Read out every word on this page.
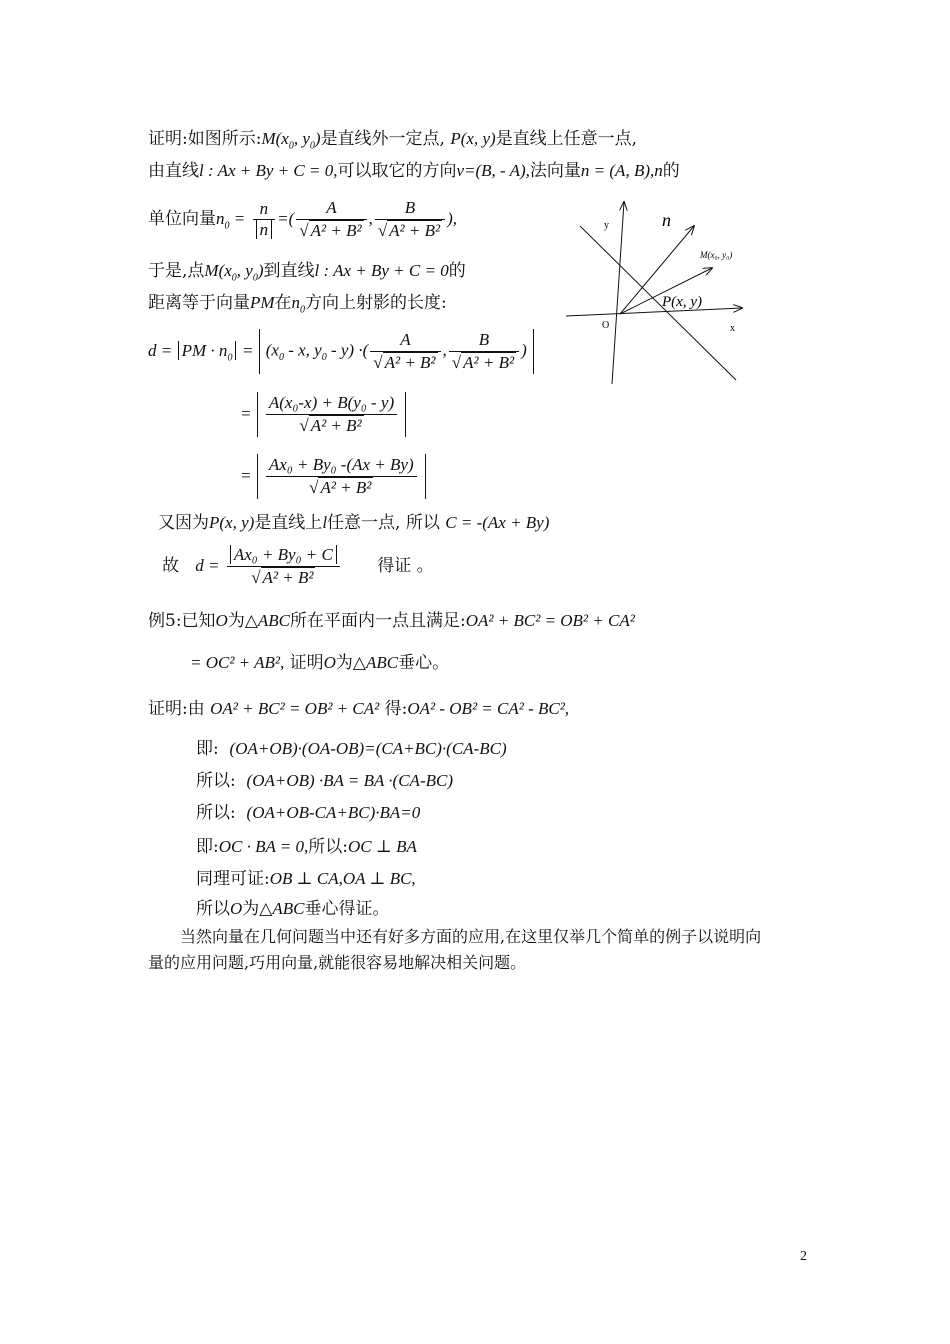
证明:如图所示$:M(x_0$, $y_0$)是直线外一定点, P(x, y)是直线上任意一点,
由直线l : Ax + By + C = 0,可以取它的方向v=(B, - A),法向量n = (A, B),n的
单位向量$n_0 = \frac{n}{n}$ =( $\frac{A}{\text{√ A² + B²}}$ , $\frac{B}{\text{√ A² + B²}}$ ),
于是,点$M(x_0$, $y_0$)到直线l : Ax + By + C = 0的
距离等于向量PM在$n_0$方向上射影的长度:
d = PM · $n_0 = (x_0 - x$, $y_0 - y$) ·( $\frac{A}{\text{√ A² + B²}}$ , $\frac{B}{\text{√ A² + B²}}$ )
= $\frac{\text{A(x₀-x) + B(y₀ - y)}}{\text{√ A² + B²}}$
= $\frac{\text{Ax₀ + By₀ -(Ax + By)}}{\text{√ A² + B²}}$
又因为P(x, y)是直线上l任意一点, 所以 C = -(Ax + By)
故 $d = \frac{\text{Ax₀ + By₀ + C}}{\text{√ A² + B²}}$ 得证 。
例5:已知O为△ABC所在平面内一点且满足:OA² + BC² = OB² + CA²
= OC² + AB², 证明O为△ABC垂心。
证明:由 OA² + BC² = OB² + CA² 得:OA² - OB² = CA² - BC²,
即: (OA+OB)·(OA-OB)=(CA+BC)·(CA-BC)
所以: (OA+OB) ·BA = BA ·(CA-BC)
所以: (OA+OB-CA+BC)·BA=0
即:OC · BA = 0,所以:OC ⊥ BA
同理可证:OB ⊥ CA,OA ⊥ BC,
所以O为△ABC垂心得证。
当然向量在几何问题当中还有好多方面的应用,在这里仅举几个简单的例子以说明向
量的应用问题,巧用向量,就能很容易地解决相关问题。
y
x
O
n
M(x₀, y₀)
P(x, y)
2
